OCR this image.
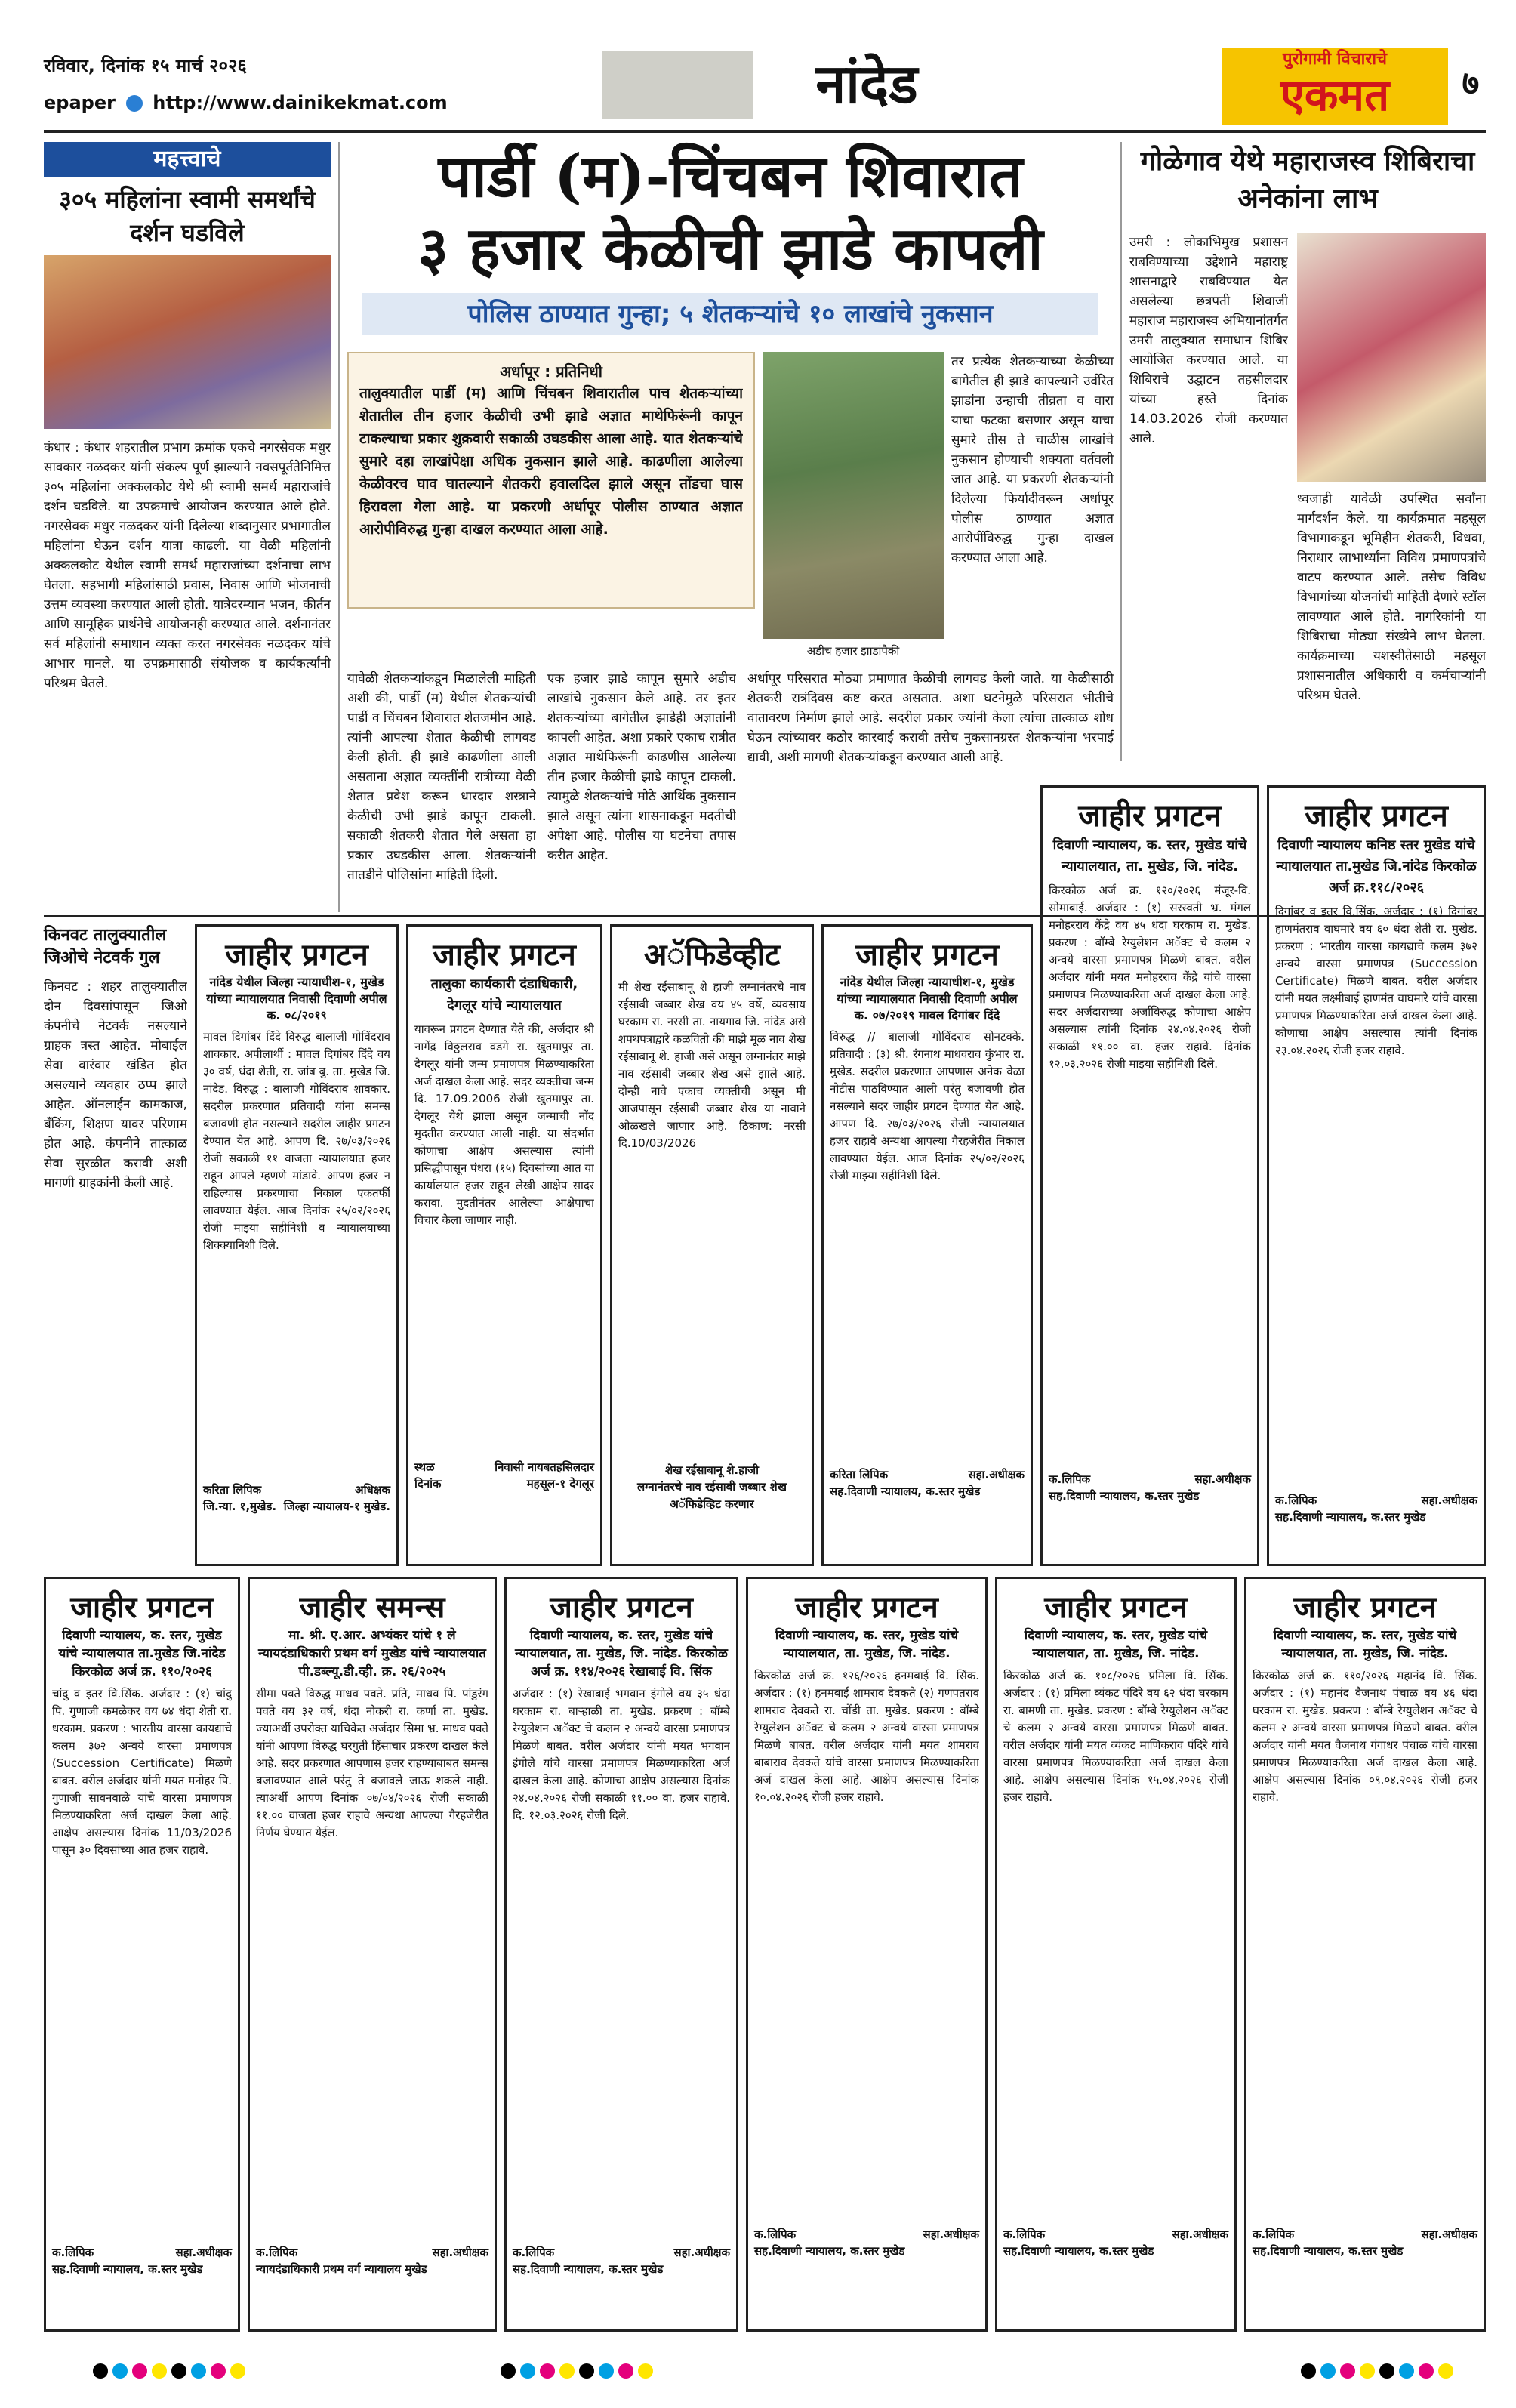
रविवार, दिनांक १५ मार्च २०२६
epaper http://www.dainikekmat.com	नांदेड	पुरोगामी विचाराचे
एकमत	७
महत्त्वाचे
३०५ महिलांना स्वामी समर्थांचे दर्शन घडविले
कंधार : कंधार शहरातील प्रभाग क्रमांक एकचे नगरसेवक मधुर सावकार नळदकर यांनी संकल्प पूर्ण झाल्याने नवसपूर्ततेनिमित्त ३०५ महिलांना अक्कलकोट येथे श्री स्वामी समर्थ महाराजांचे दर्शन घडविले. या उपक्रमाचे आयोजन करण्यात आले होते. नगरसेवक मधुर नळदकर यांनी दिलेल्या शब्दानुसार प्रभागातील महिलांना घेऊन दर्शन यात्रा काढली. या वेळी महिलांनी अक्कलकोट येथील स्वामी समर्थ महाराजांच्या दर्शनाचा लाभ घेतला. सहभागी महिलांसाठी प्रवास, निवास आणि भोजनाची उत्तम व्यवस्था करण्यात आली होती. यात्रेदरम्यान भजन, कीर्तन आणि सामूहिक प्रार्थनेचे आयोजनही करण्यात आले. दर्शनानंतर सर्व महिलांनी समाधान व्यक्त करत नगरसेवक नळदकर यांचे आभार मानले. या उपक्रमासाठी संयोजक व कार्यकर्त्यांनी परिश्रम घेतले.
पार्डी (म)-चिंचबन शिवारात
३ हजार केळीची झाडे कापली
पोलिस ठाण्यात गुन्हा; ५ शेतकऱ्यांचे १० लाखांचे नुकसान
अर्धापूर : प्रतिनिधी
तालुक्यातील पार्डी (म) आणि चिंचबन शिवारातील पाच शेतकऱ्यांच्या शेतातील तीन हजार केळीची उभी झाडे अज्ञात माथेफिरूंनी कापून टाकल्याचा प्रकार शुक्रवारी सकाळी उघडकीस आला आहे. यात शेतकऱ्यांचे सुमारे दहा लाखांपेक्षा अधिक नुकसान झाले आहे. काढणीला आलेल्या केळीवरच घाव घातल्याने शेतकरी हवालदिल झाले असून तोंडचा घास हिरावला गेला आहे. या प्रकरणी अर्धापूर पोलीस ठाण्यात अज्ञात आरोपीविरुद्ध गुन्हा दाखल करण्यात आला आहे.
अडीच हजार झाडांपैकी
तर प्रत्येक शेतकऱ्याच्या केळीच्या बागेतील ही झाडे कापल्याने उर्वरित झाडांना उन्हाची तीव्रता व वारा याचा फटका बसणार असून याचा सुमारे तीस ते चाळीस लाखांचे नुकसान होण्याची शक्यता वर्तवली जात आहे. या प्रकरणी शेतकऱ्यांनी दिलेल्या फिर्यादीवरून अर्धापूर पोलीस ठाण्यात अज्ञात आरोपींविरुद्ध गुन्हा दाखल करण्यात आला आहे.
यावेळी शेतकऱ्यांकडून मिळालेली माहिती अशी की, पार्डी (म) येथील शेतकऱ्यांची पार्डी व चिंचबन शिवारात शेतजमीन आहे. त्यांनी आपल्या शेतात केळीची लागवड केली होती. ही झाडे काढणीला आली असताना अज्ञात व्यक्तींनी रात्रीच्या वेळी शेतात प्रवेश करून धारदार शस्त्राने केळीची उभी झाडे कापून टाकली. सकाळी शेतकरी शेतात गेले असता हा प्रकार उघडकीस आला. शेतकऱ्यांनी तातडीने पोलिसांना माहिती दिली.
एक हजार झाडे कापून सुमारे अडीच लाखांचे नुकसान केले आहे. तर इतर शेतकऱ्यांच्या बागेतील झाडेही अज्ञातांनी कापली आहेत. अशा प्रकारे एकाच रात्रीत अज्ञात माथेफिरूंनी काढणीस आलेल्या तीन हजार केळीची झाडे कापून टाकली. त्यामुळे शेतकऱ्यांचे मोठे आर्थिक नुकसान झाले असून त्यांना शासनाकडून मदतीची अपेक्षा आहे. पोलीस या घटनेचा तपास करीत आहेत.
अर्धापूर परिसरात मोठ्या प्रमाणात केळीची लागवड केली जाते. या केळीसाठी शेतकरी रात्रंदिवस कष्ट करत असतात. अशा घटनेमुळे परिसरात भीतीचे वातावरण निर्माण झाले आहे. सदरील प्रकार ज्यांनी केला त्यांचा तात्काळ शोध घेऊन त्यांच्यावर कठोर कारवाई करावी तसेच नुकसानग्रस्त शेतकऱ्यांना भरपाई द्यावी, अशी मागणी शेतकऱ्यांकडून करण्यात आली आहे.
गोळेगाव येथे महाराजस्व शिबिराचा अनेकांना लाभ
उमरी : लोकाभिमुख प्रशासन राबविण्याच्या उद्देशाने महाराष्ट्र शासनाद्वारे राबविण्यात येत असलेल्या छत्रपती शिवाजी महाराज महाराजस्व अभियानांतर्गत उमरी तालुक्यात समाधान शिबिर आयोजित करण्यात आले. या शिबिराचे उद्घाटन तहसीलदार यांच्या हस्ते दिनांक 14.03.2026 रोजी करण्यात आले.
ध्वजाही यावेळी उपस्थित सर्वांना मार्गदर्शन केले. या कार्यक्रमात महसूल विभागाकडून भूमिहीन शेतकरी, विधवा, निराधार लाभार्थ्यांना विविध प्रमाणपत्रांचे वाटप करण्यात आले. तसेच विविध विभागांच्या योजनांची माहिती देणारे स्टॉल लावण्यात आले होते. नागरिकांनी या शिबिराचा मोठ्या संख्येने लाभ घेतला. कार्यक्रमाच्या यशस्वीतेसाठी महसूल प्रशासनातील अधिकारी व कर्मचाऱ्यांनी परिश्रम घेतले.
किनवट तालुक्यातील जिओचे नेटवर्क गुल
किनवट : शहर तालुक्यातील दोन दिवसांपासून जिओ कंपनीचे नेटवर्क नसल्याने ग्राहक त्रस्त आहेत. मोबाईल सेवा वारंवार खंडित होत असल्याने व्यवहार ठप्प झाले आहेत. ऑनलाईन कामकाज, बँकिंग, शिक्षण यावर परिणाम होत आहे. कंपनीने तात्काळ सेवा सुरळीत करावी अशी मागणी ग्राहकांनी केली आहे.
जाहीर प्रगटन
नांदेड येथील जिल्हा न्यायाधीश-१, मुखेड यांच्या न्यायालयात निवासी दिवाणी अपील क. ०८/२०१९
मावल दिगांबर दिंदे विरुद्ध बालाजी गोविंदराव शावकार. अपीलार्थी : मावल दिगांबर दिंदे वय ३० वर्ष, धंदा शेती, रा. जांब बु. ता. मुखेड जि. नांदेड. विरुद्ध : बालाजी गोविंदराव शावकार. सदरील प्रकरणात प्रतिवादी यांना समन्स बजावणी होत नसल्याने सदरील जाहीर प्रगटन देण्यात येत आहे. आपण दि. २७/०३/२०२६ रोजी सकाळी ११ वाजता न्यायालयात हजर राहून आपले म्हणणे मांडावे. आपण हजर न राहिल्यास प्रकरणाचा निकाल एकतर्फी लावण्यात येईल. आज दिनांक २५/०२/२०२६ रोजी माझ्या सहीनिशी व न्यायालयाच्या शिक्क्यानिशी दिले.
करिता लिपिक	अधिक्षक
जि.न्या. १,मुखेड. जिल्हा न्यायालय-१ मुखेड.
जाहीर प्रगटन
तालुका कार्यकारी दंडाधिकारी, देगलूर यांचे न्यायालयात
यावरून प्रगटन देण्यात येते की, अर्जदार श्री नागेंद्र विठ्ठलराव वडगे रा. खुतमापुर ता. देगलूर यांनी जन्म प्रमाणपत्र मिळण्याकरिता अर्ज दाखल केला आहे. सदर व्यक्तीचा जन्म दि. 17.09.2006 रोजी खुतमापुर ता. देगलूर येथे झाला असून जन्माची नोंद मुदतीत करण्यात आली नाही. या संदर्भात कोणाचा आक्षेप असल्यास त्यांनी प्रसिद्धीपासून पंधरा (१५) दिवसांच्या आत या कार्यालयात हजर राहून लेखी आक्षेप सादर करावा. मुदतीनंतर आलेल्या आक्षेपाचा विचार केला जाणार नाही.
स्थळ	निवासी नायबतहसिलदार
दिनांक	महसूल-१ देगलूर
अॅफिडेव्हीट
मी शेख रईसाबानू शे हाजी लग्नानंतरचे नाव रईसाबी जब्बार शेख वय ४५ वर्षे, व्यवसाय घरकाम रा. नरसी ता. नायगाव जि. नांदेड असे शपथपत्राद्वारे कळवितो की माझे मूळ नाव शेख रईसाबानू शे. हाजी असे असून लग्नानंतर माझे नाव रईसाबी जब्बार शेख असे झाले आहे. दोन्ही नावे एकाच व्यक्तीची असून मी आजपासून रईसाबी जब्बार शेख या नावाने ओळखले जाणार आहे. ठिकाण: नरसी दि.10/03/2026
शेख रईसाबानू शे.हाजी
लग्नानंतरचे नाव रईसाबी जब्बार शेख अॅफिडेव्हिट करणार
जाहीर प्रगटन
नांदेड येथील जिल्हा न्यायाधीश-१, मुखेड यांच्या न्यायालयात निवासी दिवाणी अपील क. ०७/२०१९ मावल दिगांबर दिंदे
विरुद्ध // बालाजी गोविंदराव सोनटक्के. प्रतिवादी : (३) श्री. रंगनाथ माधवराव कुंभार रा. मुखेड. सदरील प्रकरणात आपणास अनेक वेळा नोटीस पाठविण्यात आली परंतु बजावणी होत नसल्याने सदर जाहीर प्रगटन देण्यात येत आहे. आपण दि. २७/०३/२०२६ रोजी न्यायालयात हजर राहावे अन्यथा आपल्या गैरहजेरीत निकाल लावण्यात येईल. आज दिनांक २५/०२/२०२६ रोजी माझ्या सहीनिशी दिले.
करिता लिपिक	सहा.अधीक्षक
सह.दिवाणी न्यायालय, क.स्तर मुखेड
जाहीर प्रगटन
दिवाणी न्यायालय, क. स्तर, मुखेड यांचे न्यायालयात, ता. मुखेड, जि. नांदेड.
किरकोळ अर्ज क्र. १२०/२०२६ मंजूर-वि. सोमाबाई. अर्जदार : (१) सरस्वती भ्र. मंगल मनोहरराव केंद्रे वय ४५ धंदा घरकाम रा. मुखेड. प्रकरण : बॉम्बे रेग्युलेशन अॅक्ट चे कलम २ अन्वये वारसा प्रमाणपत्र मिळणे बाबत. वरील अर्जदार यांनी मयत मनोहरराव केंद्रे यांचे वारसा प्रमाणपत्र मिळण्याकरिता अर्ज दाखल केला आहे. सदर अर्जदाराच्या अर्जाविरुद्ध कोणाचा आक्षेप असल्यास त्यांनी दिनांक २४.०४.२०२६ रोजी सकाळी ११.०० वा. हजर राहावे. दिनांक १२.०३.२०२६ रोजी माझ्या सहीनिशी दिले.
क.लिपिक	सहा.अधीक्षक
सह.दिवाणी न्यायालय, क.स्तर मुखेड
जाहीर प्रगटन
दिवाणी न्यायालय कनिष्ठ स्तर मुखेड यांचे न्यायालयात ता.मुखेड जि.नांदेड किरकोळ अर्ज क्र.११८/२०२६
दिगांबर व इतर वि.सिंक. अर्जदार : (१) दिगांबर हाणमंतराव वाघमारे वय ६० धंदा शेती रा. मुखेड. प्रकरण : भारतीय वारसा कायद्याचे कलम ३७२ अन्वये वारसा प्रमाणपत्र (Succession Certificate) मिळणे बाबत. वरील अर्जदार यांनी मयत लक्ष्मीबाई हाणमंत वाघमारे यांचे वारसा प्रमाणपत्र मिळण्याकरिता अर्ज दाखल केला आहे. कोणाचा आक्षेप असल्यास त्यांनी दिनांक २३.०४.२०२६ रोजी हजर राहावे.
क.लिपिक	सहा.अधीक्षक
सह.दिवाणी न्यायालय, क.स्तर मुखेड
जाहीर प्रगटन
दिवाणी न्यायालय, क. स्तर, मुखेड यांचे न्यायालयात ता.मुखेड जि.नांदेड किरकोळ अर्ज क्र. ११०/२०२६
चांदु व इतर वि.सिंक. अर्जदार : (१) चांदु पि. गुणाजी कमळेकर वय ७४ धंदा शेती रा. धरकाम. प्रकरण : भारतीय वारसा कायद्याचे कलम ३७२ अन्वये वारसा प्रमाणपत्र (Succession Certificate) मिळणे बाबत. वरील अर्जदार यांनी मयत मनोहर पि. गुणाजी सावनवाळे यांचे वारसा प्रमाणपत्र मिळण्याकरिता अर्ज दाखल केला आहे. आक्षेप असल्यास दिनांक 11/03/2026 पासून ३० दिवसांच्या आत हजर राहावे.
क.लिपिक	सहा.अधीक्षक
सह.दिवाणी न्यायालय, क.स्तर मुखेड
जाहीर समन्स
मा. श्री. ए.आर. अभ्यंकर यांचे १ ले न्यायदंडाधिकारी प्रथम वर्ग मुखेड यांचे न्यायालयात पी.डब्ल्यू.डी.व्ही. क्र. २६/२०२५
सीमा पवते विरुद्ध माधव पवते. प्रति, माधव पि. पांडुरंग पवते वय ३२ वर्ष, धंदा नोकरी रा. कर्णा ता. मुखेड. ज्याअर्थी उपरोक्त याचिकेत अर्जदार सिमा भ्र. माधव पवते यांनी आपणा विरुद्ध घरगुती हिंसाचार प्रकरण दाखल केले आहे. सदर प्रकरणात आपणास हजर राहण्याबाबत समन्स बजावण्यात आले परंतु ते बजावले जाऊ शकले नाही. त्याअर्थी आपण दिनांक ०७/०४/२०२६ रोजी सकाळी ११.०० वाजता हजर राहावे अन्यथा आपल्या गैरहजेरीत निर्णय घेण्यात येईल.
क.लिपिक	सहा.अधीक्षक
न्यायदंडाधिकारी प्रथम वर्ग न्यायालय मुखेड
जाहीर प्रगटन
दिवाणी न्यायालय, क. स्तर, मुखेड यांचे न्यायालयात, ता. मुखेड, जि. नांदेड. किरकोळ अर्ज क्र. ११४/२०२६ रेखाबाई वि. सिंक
अर्जदार : (१) रेखाबाई भगवान इंगोले वय ३५ धंदा घरकाम रा. बाऱ्हाळी ता. मुखेड. प्रकरण : बॉम्बे रेग्युलेशन अॅक्ट चे कलम २ अन्वये वारसा प्रमाणपत्र मिळणे बाबत. वरील अर्जदार यांनी मयत भगवान इंगोले यांचे वारसा प्रमाणपत्र मिळण्याकरिता अर्ज दाखल केला आहे. कोणाचा आक्षेप असल्यास दिनांक २४.०४.२०२६ रोजी सकाळी ११.०० वा. हजर राहावे. दि. १२.०३.२०२६ रोजी दिले.
क.लिपिक	सहा.अधीक्षक
सह.दिवाणी न्यायालय, क.स्तर मुखेड
जाहीर प्रगटन
दिवाणी न्यायालय, क. स्तर, मुखेड यांचे न्यायालयात, ता. मुखेड, जि. नांदेड.
किरकोळ अर्ज क्र. १२६/२०२६ हनमबाई वि. सिंक. अर्जदार : (१) हनमबाई शामराव देवकते (२) गणपतराव शामराव देवकते रा. चोंडी ता. मुखेड. प्रकरण : बॉम्बे रेग्युलेशन अॅक्ट चे कलम २ अन्वये वारसा प्रमाणपत्र मिळणे बाबत. वरील अर्जदार यांनी मयत शामराव बाबाराव देवकते यांचे वारसा प्रमाणपत्र मिळण्याकरिता अर्ज दाखल केला आहे. आक्षेप असल्यास दिनांक १०.०४.२०२६ रोजी हजर राहावे.
क.लिपिक	सहा.अधीक्षक
सह.दिवाणी न्यायालय, क.स्तर मुखेड
जाहीर प्रगटन
दिवाणी न्यायालय, क. स्तर, मुखेड यांचे न्यायालयात, ता. मुखेड, जि. नांदेड.
किरकोळ अर्ज क्र. १०८/२०२६ प्रमिला वि. सिंक. अर्जदार : (१) प्रमिला व्यंकट पंदिरे वय ६२ धंदा घरकाम रा. बामणी ता. मुखेड. प्रकरण : बॉम्बे रेग्युलेशन अॅक्ट चे कलम २ अन्वये वारसा प्रमाणपत्र मिळणे बाबत. वरील अर्जदार यांनी मयत व्यंकट माणिकराव पंदिरे यांचे वारसा प्रमाणपत्र मिळण्याकरिता अर्ज दाखल केला आहे. आक्षेप असल्यास दिनांक १५.०४.२०२६ रोजी हजर राहावे.
क.लिपिक	सहा.अधीक्षक
सह.दिवाणी न्यायालय, क.स्तर मुखेड
जाहीर प्रगटन
दिवाणी न्यायालय, क. स्तर, मुखेड यांचे न्यायालयात, ता. मुखेड, जि. नांदेड.
किरकोळ अर्ज क्र. ११०/२०२६ महानंद वि. सिंक. अर्जदार : (१) महानंद वैजनाथ पंचाळ वय ४६ धंदा घरकाम रा. मुखेड. प्रकरण : बॉम्बे रेग्युलेशन अॅक्ट चे कलम २ अन्वये वारसा प्रमाणपत्र मिळणे बाबत. वरील अर्जदार यांनी मयत वैजनाथ गंगाधर पंचाळ यांचे वारसा प्रमाणपत्र मिळण्याकरिता अर्ज दाखल केला आहे. आक्षेप असल्यास दिनांक ०९.०४.२०२६ रोजी हजर राहावे.
क.लिपिक	सहा.अधीक्षक
सह.दिवाणी न्यायालय, क.स्तर मुखेड
